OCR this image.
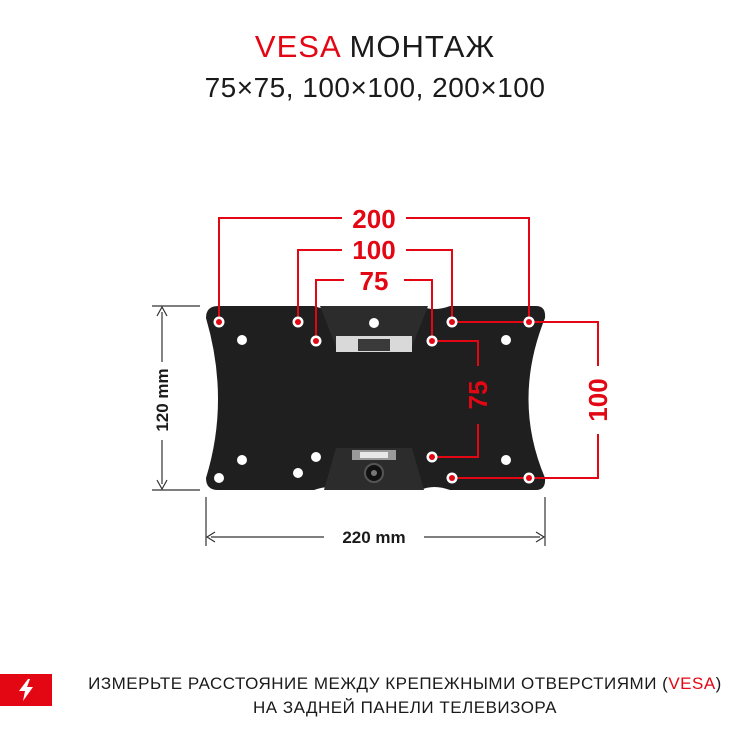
VESA МОНТАЖ
75×75, 100×100, 200×100
200
100
75
75	100
120 mm
220 mm
ИЗМЕРЬТЕ РАССТОЯНИЕ МЕЖДУ КРЕПЕЖНЫМИ ОТВЕРСТИЯМИ (VESA)
НА ЗАДНЕЙ ПАНЕЛИ ТЕЛЕВИЗОРА
